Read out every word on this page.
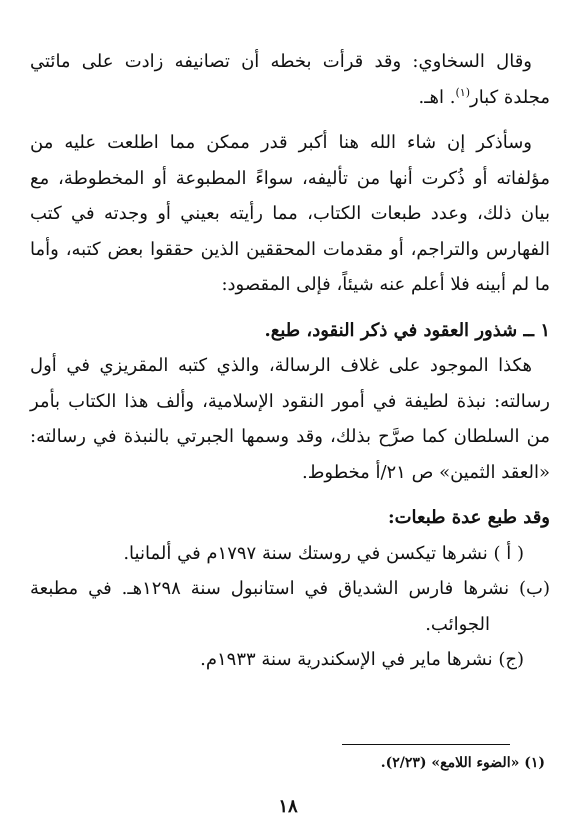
وقال السخاوي: وقد قرأت بخطه أن تصانيفه زادت على مائتي مجلدة كبار$^{(١)}$. اهـ.

وسأذكر إن شاء الله هنا أكبر قدر ممكن مما اطلعت عليه من مؤلفاته أو ذُكرت أنها من تأليفه، سواءً المطبوعة أو المخطوطة، مع بيان ذلك، وعدد طبعات الكتاب، مما رأيته بعيني أو وجدته في كتب الفهارس والتراجم، أو مقدمات المحققين الذين حققوا بعض كتبه، وأما ما لم أبينه فلا أعلم عنه شيئاً، فإلى المقصود:

١ ــ شذور العقود في ذكر النقود، طبع.

هكذا الموجود على غلاف الرسالة، والذي كتبه المقريزي في أول رسالته: نبذة لطيفة في أمور النقود الإسلامية، وألف هذا الكتاب بأمر من السلطان كما صرَّح بذلك، وقد وسمها الجبرتي بالنبذة في رسالته: «العقد الثمين» ص ٢١/أ مخطوط.

وقد طبع عدة طبعات:

( أ ) نشرها تيكسن في روستك سنة ١٧٩٧م في ألمانيا.

(ب) نشرها فارس الشدياق في استانبول سنة ١٢٩٨هـ. في مطبعة الجوائب.

(ج) نشرها ماير في الإسكندرية سنة ١٩٣٣م.

(١) «الضوء اللامع» (٢/٢٣).
١٨
